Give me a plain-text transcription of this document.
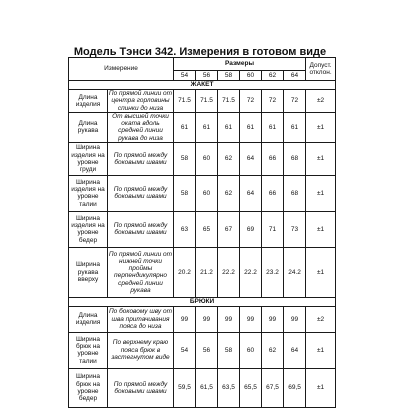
Модель Тэнси 342. Измерения в готовом виде
Измерение		Размеры						Допуст. отклон.
		54	56	58	60	62	64	
ЖАКЕТ								
Длина изделия	По прямой линии от центра горловины спинки до низа	71.5	71.5	71.5	72	72	72	±2
Длина рукава	От высшей точки оката вдоль средней линии рукава до низа	61	61	61	61	61	61	±1
Ширина изделия на уровне груди	По прямой между боковыми швами	58	60	62	64	66	68	±1
Ширина изделия на уровне талии	По прямой между боковыми швами	58	60	62	64	66	68	±1
Ширина изделия на уровне бедер	По прямой между боковыми швами	63	65	67	69	71	73	±1
Ширина рукава вверху	По прямой линии от нижней точки проймы перпендикулярно средней линии рукава	20.2	21.2	22.2	22.2	23.2	24.2	±1
БРЮКИ								
Длина изделия	По боковому шву от шва притачивания пояса до низа	99	99	99	99	99	99	±2
Ширина брюк на уровне талии	По верхнему краю пояса брюк в застегнутом виде	54	56	58	60	62	64	±1
Ширина брюк на уровне бедер	По прямой между боковыми швами	59,5	61,5	63,5	65,5	67,5	69,5	±1
